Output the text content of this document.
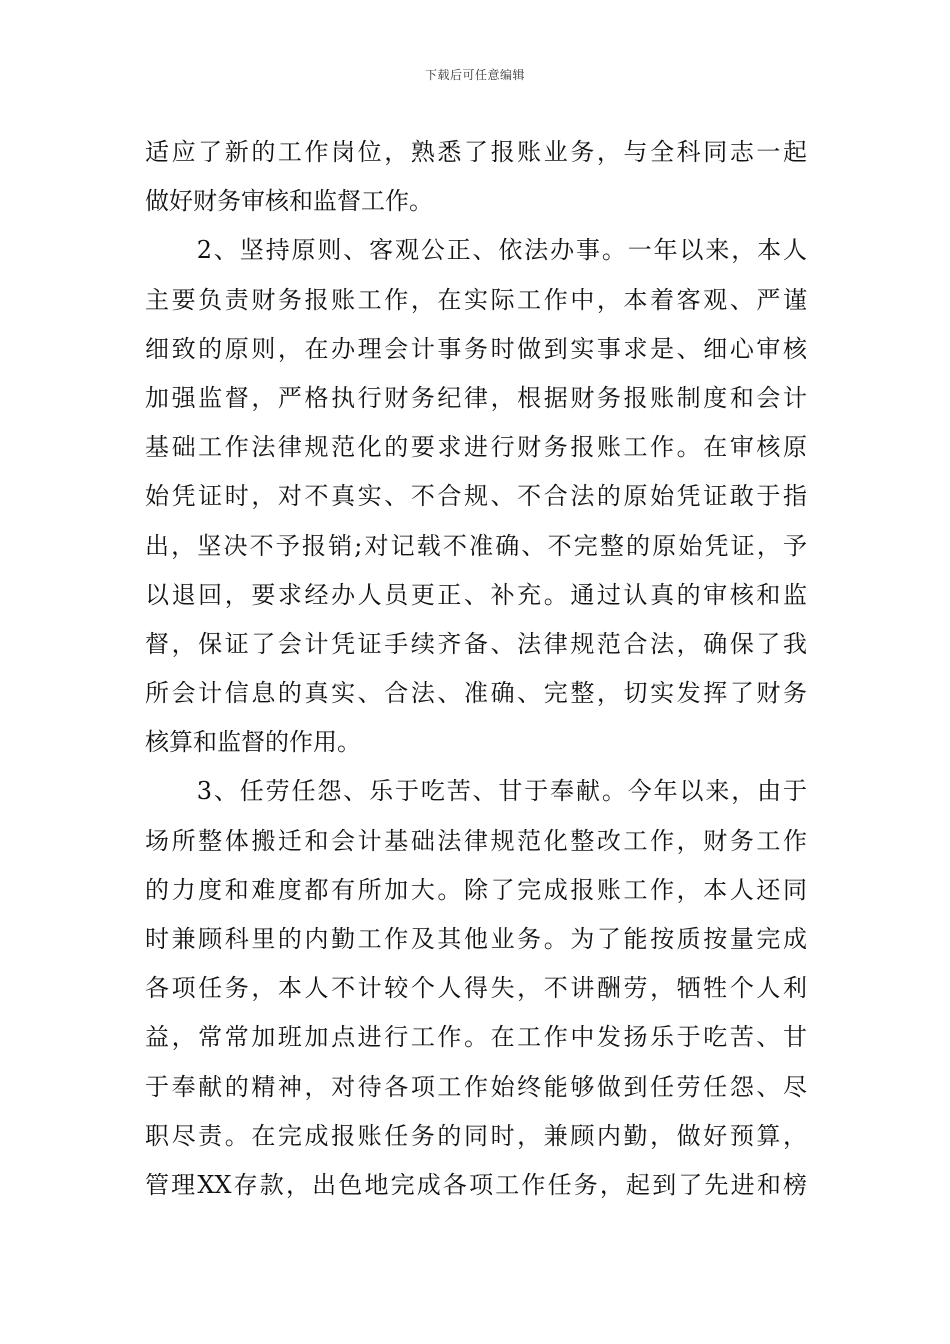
下载后可任意编辑
适应了新的工作岗位，熟悉了报账业务，与全科同志一起
做好财务审核和监督工作。
　　2、坚持原则、客观公正、依法办事。一年以来，本人
主要负责财务报账工作，在实际工作中，本着客观、严谨
细致的原则，在办理会计事务时做到实事求是、细心审核
加强监督，严格执行财务纪律，根据财务报账制度和会计
基础工作法律规范化的要求进行财务报账工作。在审核原
始凭证时，对不真实、不合规、不合法的原始凭证敢于指
出，坚决不予报销;对记载不准确、不完整的原始凭证，予
以退回，要求经办人员更正、补充。通过认真的审核和监
督，保证了会计凭证手续齐备、法律规范合法，确保了我
所会计信息的真实、合法、准确、完整，切实发挥了财务
核算和监督的作用。
　　3、任劳任怨、乐于吃苦、甘于奉献。今年以来，由于
场所整体搬迁和会计基础法律规范化整改工作，财务工作
的力度和难度都有所加大。除了完成报账工作，本人还同
时兼顾科里的内勤工作及其他业务。为了能按质按量完成
各项任务，本人不计较个人得失，不讲酬劳，牺牲个人利
益，常常加班加点进行工作。在工作中发扬乐于吃苦、甘
于奉献的精神，对待各项工作始终能够做到任劳任怨、尽
职尽责。在完成报账任务的同时，兼顾内勤，做好预算，
管理XX存款，出色地完成各项工作任务，起到了先进和榜
